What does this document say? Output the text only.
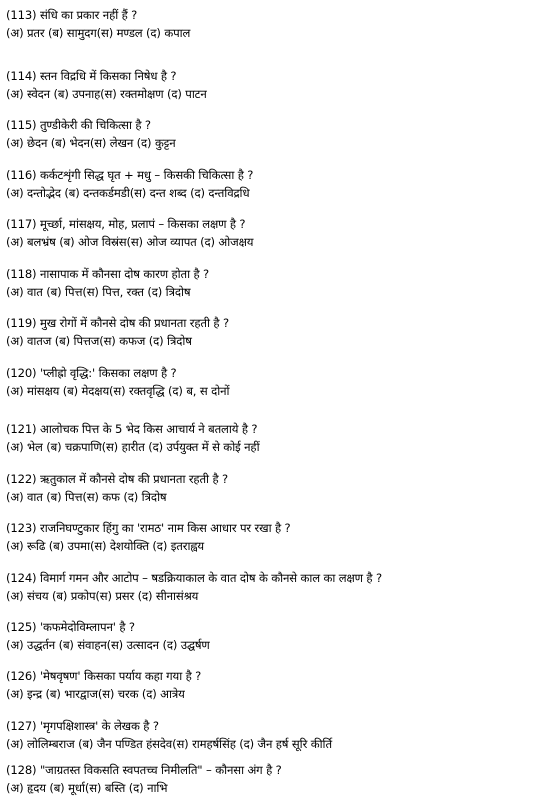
(113) संधि का प्रकार नहीं हैं ?
(अ) प्रतर (ब) सामुदग(स) मण्डल (द) कपाल
(114) स्तन विद्रधि में किसका निषेध है ?
(अ) स्वेदन (ब) उपनाह(स) रक्तमोक्षण (द) पाटन
(115) तुण्डीकेरी की चिकित्सा है ?
(अ) छेदन (ब) भेदन(स) लेखन (द) कुट्टन
(116) कर्कटशृंगी सिद्ध घृत + मधु – किसकी चिकित्सा है ?
(अ) दन्तोद्भेद (ब) दन्तकर्डमडी(स) दन्त शब्द (द) दन्तविद्रधि
(117) मूर्च्छा, मांसक्षय, मोह, प्रलापं – किसका लक्षण है ?
(अ) बलभ्रंष (ब) ओज विस्रंस(स) ओज व्यापत (द) ओजक्षय
(118) नासापाक में कौनसा दोष कारण होता है ?
(अ) वात (ब) पित्त(स) पित्त, रक्त (द) त्रिदोष
(119) मुख रोगों में कौनसे दोष की प्रधानता रहती है ?
(अ) वातज (ब) पित्तज(स) कफज (द) त्रिदोष
(120) 'प्लीह्रो वृद्धि:' किसका लक्षण है ?
(अ) मांसक्षय (ब) मेदक्षय(स) रक्तवृद्धि (द) ब, स दोनों
(121) आलोचक पित्त के 5 भेद किस आचार्य ने बतलाये है ?
(अ) भेल (ब) चक्रपाणि(स) हारीत (द) उर्पयुक्त में से कोई नहीं
(122) ऋतुकाल में कौनसे दोष की प्रधानता रहती है ?
(अ) वात (ब) पित्त(स) कफ (द) त्रिदोष
(123) राजनिघण्टुकार हिंगु का 'रामठ' नाम किस आधार पर रखा है ?
(अ) रूढि (ब) उपमा(स) देशयोक्ति (द) इतराह्वय
(124) विमार्ग गमन और आटोप – षडक्रियाकाल के वात दोष के कौनसे काल का लक्षण है ?
(अ) संचय (ब) प्रकोप(स) प्रसर (द) सीनासंश्रय
(125) 'कफमेदोविम्लापन' है ?
(अ) उद्धर्तन (ब) संवाहन(स) उत्सादन (द) उद्घर्षण
(126) 'मेषवृषण' किसका पर्याय कहा गया है ?
(अ) इन्द्र (ब) भारद्वाज(स) चरक (द) आत्रेय
(127) 'मृगपक्षिशास्त्र' के लेखक है ?
(अ) लोलिम्बराज (ब) जैन पण्डित हंसदेव(स) रामहर्षसिंह (द) जैन हर्ष सूरि कीर्ति
(128) "जाग्रतस्त विकसति स्वपतच्च निमीलति" – कौनसा अंग है ?
(अ) हृदय (ब) मूर्धा(स) बस्ति (द) नाभि
